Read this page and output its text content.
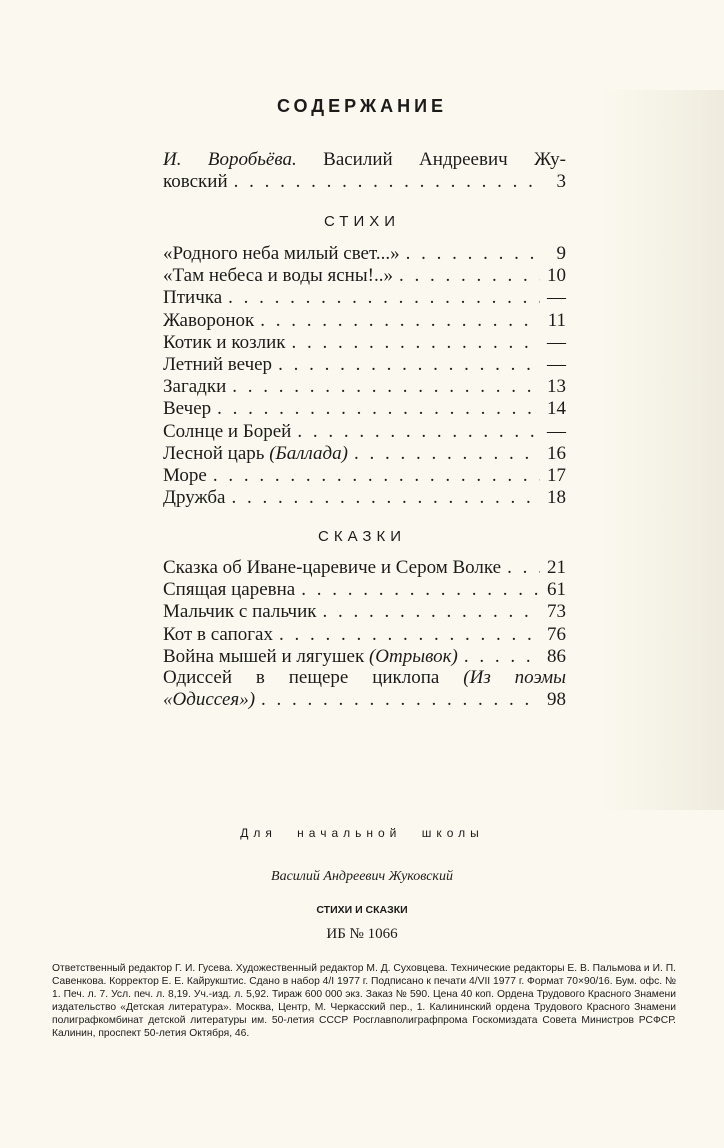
СОДЕРЖАНИЕ
И. Воробьёва. Василий Андреевич Жу-
ковский . . .	3
СТИХИ
«Родного неба милый свет...» . . .	9
«Там небеса и воды ясны!..» . . .	10
Птичка . . .	—
Жаворонок . . .	11
Котик и козлик . . .	—
Летний вечер . . .	—
Загадки . . .	13
Вечер . . .	14
Солнце и Борей . . .	—
Лесной царь (Баллада) . . .	16
Море . . .	17
Дружба . . .	18
СКАЗКИ
Сказка об Иване-царевиче и Сером Волке . . .	21
Спящая царевна . . .	61
Мальчик с пальчик . . .	73
Кот в сапогах . . .	76
Война мышей и лягушек (Отрывок) . . .	86
Одиссей в пещере циклопа (Из поэмы
«Одиссея») . . .	98
Для начальной школы
Василий Андреевич Жуковский
СТИХИ И СКАЗКИ
ИБ № 1066
Ответственный редактор Г. И. Гусева. Художественный редактор М. Д. Суховцева. Технические редакторы Е. В. Пальмова и И. П. Савенкова. Корректор Е. Е. Кайрукштис. Сдано в набор 4/I 1977 г. Подписано к печати 4/VII 1977 г. Формат 70×90/16. Бум. офс. № 1. Печ. л. 7. Усл. печ. л. 8,19. Уч.-изд. л. 5,92. Тираж 600 000 экз. Заказ № 590. Цена 40 коп. Ордена Трудового Красного Знамени издательство «Детская литература». Москва, Центр, М. Черкасский пер., 1. Калининский ордена Трудового Красного Знамени полиграфкомбинат детской литературы им. 50-летия СССР Росглавполиграфпрома Госкомиздата Совета Министров РСФСР. Калинин, проспект 50-летия Октября, 46.
